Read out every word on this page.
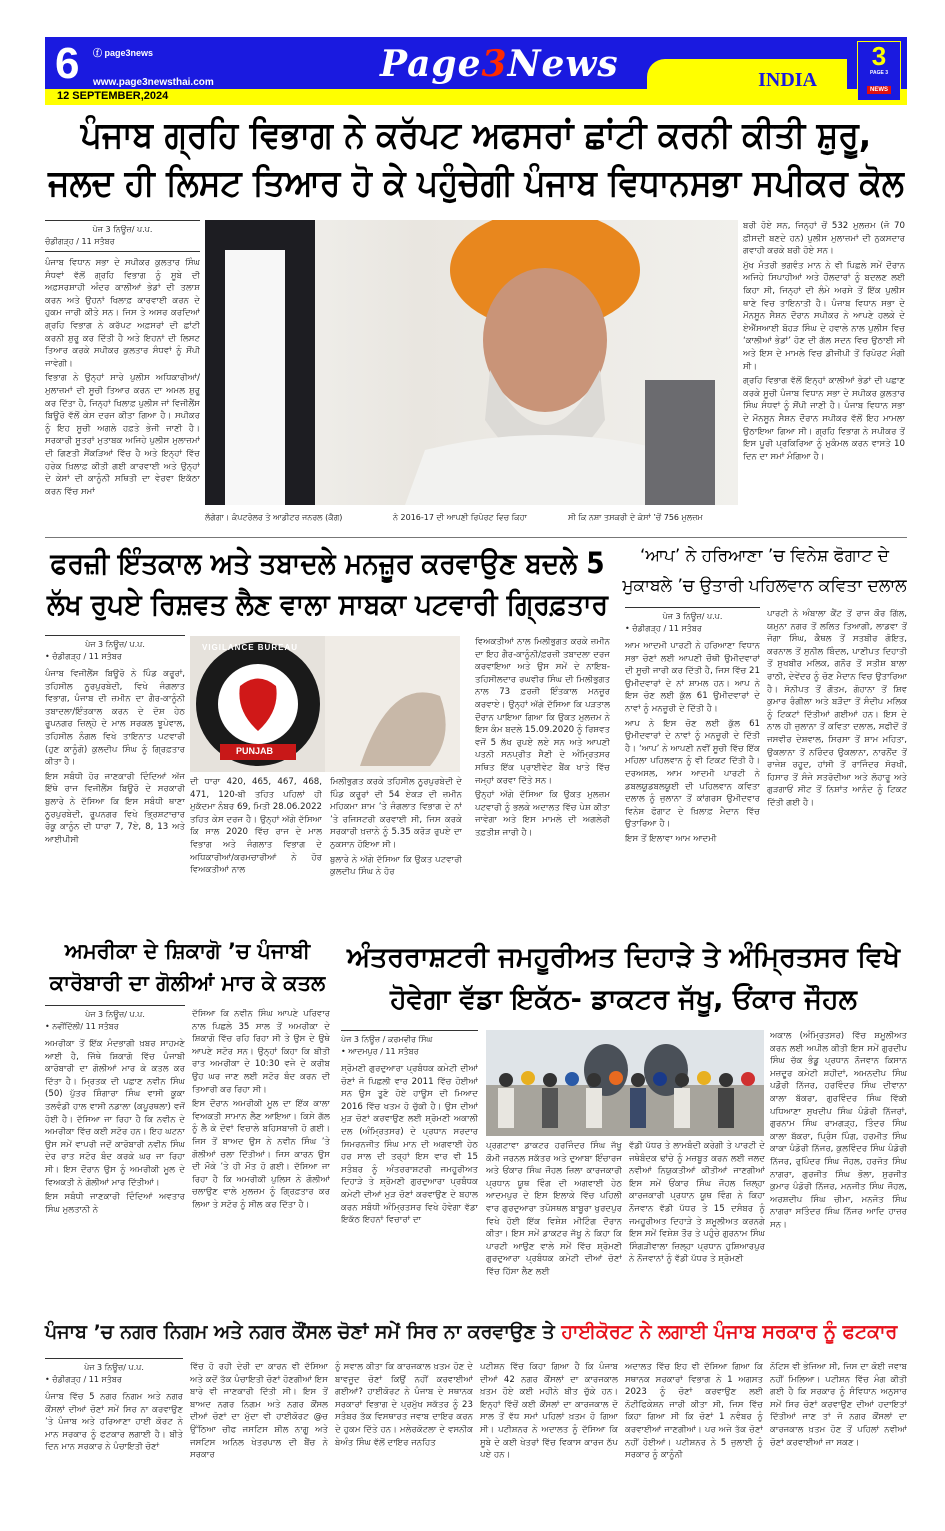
6 ⓕ page3news
www.page3newsthai.com
12 SEPTEMBER,2024
Page3News	INDIA
3
PAGE 3
NEWS
ਪੰਜਾਬ ਗ੍ਰਹਿ ਵਿਭਾਗ ਨੇ ਕਰੱਪਟ ਅਫਸਰਾਂ ਛਾਂਟੀ ਕਰਨੀ ਕੀਤੀ ਸ਼ੁਰੂ, ਜਲਦ ਹੀ ਲਿਸਟ ਤਿਆਰ ਹੋ ਕੇ ਪਹੁੰਚੇਗੀ ਪੰਜਾਬ ਵਿਧਾਨਸਭਾ ਸਪੀਕਰ ਕੋਲ
ਪੇਜ 3 ਨਿਊਜ਼/ ਪ.ਪ.
ਚੰਡੀਗੜ੍ਹ / 11 ਸਤੰਬਰ

ਪੰਜਾਬ ਵਿਧਾਨ ਸਭਾ ਦੇ ਸਪੀਕਰ ਕੁਲਤਾਰ ਸਿੰਘ ਸੰਧਵਾਂ ਵੱਲੋਂ ਗ੍ਰਹਿ ਵਿਭਾਗ ਨੂੰ ਸੂਬੇ ਦੀ ਅਫ਼ਸਰਸ਼ਾਹੀ ਅੰਦਰ ਕਾਲੀਆਂ ਭੇਡਾਂ ਦੀ ਤਲਾਸ਼ ਕਰਨ ਅਤੇ ਉਹਨਾਂ ਖਿਲਾਫ਼ ਕਾਰਵਾਈ ਕਰਨ ਦੇ ਹੁਕਮ ਜਾਰੀ ਕੀਤੇ ਸਨ। ਜਿਸ ਤੇ ਅਸਰ ਕਰਦਿਆਂ ਗ੍ਰਹਿ ਵਿਭਾਗ ਨੇ ਕਰੱਪਟ ਅਫ਼ਸਰਾਂ ਦੀ ਛਾਂਟੀ ਕਰਨੀ ਸ਼ੁਰੂ ਕਰ ਦਿੱਤੀ ਹੈ ਅਤੇ ਇਹਨਾਂ ਦੀ ਲਿਸਟ ਤਿਆਰ ਕਰਕੇ ਸਪੀਕਰ ਕੁਲਤਾਰ ਸੰਧਵਾਂ ਨੂੰ ਸੌਂਪੀ ਜਾਵੇਗੀ।

ਵਿਭਾਗ ਨੇ ਉਨ੍ਹਾਂ ਸਾਰੇ ਪੁਲੀਸ ਅਧਿਕਾਰੀਆਂ/ਮੁਲਾਜ਼ਮਾਂ ਦੀ ਸੂਚੀ ਤਿਆਰ ਕਰਨ ਦਾ ਅਮਲ ਸ਼ੁਰੂ ਕਰ ਦਿੱਤਾ ਹੈ, ਜਿਨ੍ਹਾਂ ਖਿਲਾਫ਼ ਪੁਲੀਸ ਜਾਂ ਵਿਜੀਲੈਂਸ ਬਿਊਰੋ ਵੱਲੋਂ ਕੇਸ ਦਰਜ ਕੀਤਾ ਗਿਆ ਹੈ। ਸਪੀਕਰ ਨੂੰ ਇਹ ਸੂਚੀ ਅਗਲੇ ਹਫ਼ਤੇ ਭੇਜੀ ਜਾਣੀ ਹੈ। ਸਰਕਾਰੀ ਸੂਤਰਾਂ ਮੁਤਾਬਕ ਅਜਿਹੇ ਪੁਲੀਸ ਮੁਲਾਜ਼ਮਾਂ ਦੀ ਗਿਣਤੀ ਸੈਂਕੜਿਆਂ ਵਿੱਚ ਹੈ ਅਤੇ ਇਨ੍ਹਾਂ ਵਿੱਚ ਹਰੇਕ ਖ਼ਿਲਾਫ਼ ਕੀਤੀ ਗਈ ਕਾਰਵਾਈ ਅਤੇ ਉਨ੍ਹਾਂ ਦੇ ਕੇਸਾਂ ਦੀ ਕਾਨੂੰਨੀ ਸਥਿਤੀ ਦਾ ਵੇਰਵਾ ਇਕੱਠਾ ਕਰਨ ਵਿੱਚ ਸਮਾਂ

ਲੱਗੇਗਾ। ਕੰਪਟਰੋਲਰ ਤੇ ਆਡੀਟਰ ਜਨਰਲ (ਕੈਗ)	ਨੇ 2016-17 ਦੀ ਆਪਣੀ ਰਿਪੋਰਟ ਵਿਚ ਕਿਹਾ	ਸੀ ਕਿ ਨਸ਼ਾ ਤਸਕਰੀ ਦੇ ਕੇਸਾਂ ’ਚੋਂ 756 ਮੁਲਜ਼ਮ

ਬਰੀ ਹੋਏ ਸਨ, ਜਿਨ੍ਹਾਂ ਚੋਂ 532 ਮੁਲਜ਼ਮ (ਜੋ 70 ਫ਼ੀਸਦੀ ਬਣਦੇ ਹਨ) ਪੁਲੀਸ ਮੁਲਾਜ਼ਮਾਂ ਦੀ ਨੁਕਸਦਾਰ ਗਵਾਹੀ ਕਰਕੇ ਬਰੀ ਹੋਏ ਸਨ।

ਮੁੱਖ ਮੰਤਰੀ ਭਗਵੰਤ ਮਾਨ ਨੇ ਵੀ ਪਿਛਲੇ ਸਮੇਂ ਦੌਰਾਨ ਅਜਿਹੇ ਸਿਪਾਹੀਆਂ ਅਤੇ ਹੌਲਦਾਰਾਂ ਨੂੰ ਬਦਲਣ ਲਈ ਕਿਹਾ ਸੀ, ਜਿਨ੍ਹਾਂ ਦੀ ਲੰਮੇ ਅਰਸੇ ਤੋਂ ਇੱਕ ਪੁਲੀਸ ਥਾਣੇ ਵਿਚ ਤਾਇਨਾਤੀ ਹੈ। ਪੰਜਾਬ ਵਿਧਾਨ ਸਭਾ ਦੇ ਮੌਨਸੂਨ ਸੈਸ਼ਨ ਦੌਰਾਨ ਸਪੀਕਰ ਨੇ ਆਪਣੇ ਹਲਕੇ ਦੇ ਏਐੱਸਆਈ ਬੋਹੜ ਸਿੰਘ ਦੇ ਹਵਾਲੇ ਨਾਲ ਪੁਲੀਸ ਵਿਚ ‘ਕਾਲੀਆਂ ਭੇਡਾਂ’ ਹੋਣ ਦੀ ਗੱਲ ਸਦਨ ਵਿਚ ਉਠਾਈ ਸੀ ਅਤੇ ਇਸ ਦੇ ਮਾਮਲੇ ਵਿਚ ਡੀਜੀਪੀ ਤੋਂ ਰਿਪੋਰਟ ਮੰਗੀ ਸੀ।

ਗ੍ਰਹਿ ਵਿਭਾਗ ਵੱਲੋਂ ਇਨ੍ਹਾਂ ਕਾਲੀਆਂ ਭੇਡਾਂ ਦੀ ਪਛਾਣ ਕਰਕੇ ਸੂਚੀ ਪੰਜਾਬ ਵਿਧਾਨ ਸਭਾ ਦੇ ਸਪੀਕਰ ਕੁਲਤਾਰ ਸਿੰਘ ਸੰਧਵਾਂ ਨੂੰ ਸੌਂਪੀ ਜਾਣੀ ਹੈ। ਪੰਜਾਬ ਵਿਧਾਨ ਸਭਾ ਦੇ ਮੌਨਸੂਨ ਸੈਸ਼ਨ ਦੌਰਾਨ ਸਪੀਕਰ ਵੱਲੋਂ ਇਹ ਮਾਮਲਾ ਉਠਾਇਆ ਗਿਆ ਸੀ। ਗ੍ਰਹਿ ਵਿਭਾਗ ਨੇ ਸਪੀਕਰ ਤੋਂ ਇਸ ਪੂਰੀ ਪ੍ਰਕਿਰਿਆ ਨੂੰ ਮੁਕੰਮਲ ਕਰਨ ਵਾਸਤੇ 10 ਦਿਨ ਦਾ ਸਮਾਂ ਮੰਗਿਆ ਹੈ।

ਫਰਜ਼ੀ ਇੰਤਕਾਲ ਅਤੇ ਤਬਾਦਲੇ ਮਨਜ਼ੂਰ ਕਰਵਾਉਣ ਬਦਲੇ 5 ਲੱਖ ਰੁਪਏ ਰਿਸ਼ਵਤ ਲੈਣ ਵਾਲਾ ਸਾਬਕਾ ਪਟਵਾਰੀ ਗ੍ਰਿਫ਼ਤਾਰ
ਪੇਜ 3 ਨਿਊਜ਼/ ਪ.ਪ.
• ਚੰਡੀਗੜ੍ਹ / 11 ਸਤੰਬਰ

ਪੰਜਾਬ ਵਿਜੀਲੈਂਸ ਬਿਊਰੋ ਨੇ ਪਿੰਡ ਕਰੂਰਾਂ, ਤਹਿਸੀਲ ਨੂਰਪੁਰਬੇਦੀ, ਵਿਖੇ ਜੰਗਲਾਤ ਵਿਭਾਗ, ਪੰਜਾਬ ਦੀ ਜ਼ਮੀਨ ਦਾ ਗੈਰ-ਕਾਨੂੰਨੀ ਤਬਾਦਲਾ/ਇੰਤਕਾਲ ਕਰਨ ਦੇ ਦੋਸ਼ ਹੇਠ ਰੂਪਨਗਰ ਜ਼ਿਲ੍ਹੇ ਦੇ ਮਾਲ ਸਰਕਲ ਝੂਪੇਵਾਲ, ਤਹਿਸੀਲ ਨੰਗਲ ਵਿਖੇ ਤਾਇਨਾਤ ਪਟਵਾਰੀ (ਹੁਣ ਕਾਨੂੰਗੋ) ਕੁਲਦੀਪ ਸਿੰਘ ਨੂੰ ਗ੍ਰਿਫ਼ਤਾਰ ਕੀਤਾ ਹੈ।

ਇਸ ਸਬੰਧੀ ਹੋਰ ਜਾਣਕਾਰੀ ਦਿੰਦਿਆਂ ਅੱਜ ਇੱਥੇ ਰਾਜ ਵਿਜੀਲੈਂਸ ਬਿਊਰੋ ਦੇ ਸਰਕਾਰੀ ਬੁਲਾਰੇ ਨੇ ਦੱਸਿਆ ਕਿ ਇਸ ਸਬੰਧੀ ਥਾਣਾ ਨੂਰਪੁਰਬੇਦੀ, ਰੂਪਨਗਰ ਵਿਖੇ ਭ੍ਰਿਸ਼ਟਾਚਾਰ ਰੋਕੂ ਕਾਨੂੰਨ ਦੀ ਧਾਰਾ 7, 7ਏ, 8, 13 ਅਤੇ ਆਈਪੀਸੀ

VIGILANCE BUREAU
PUNJAB

ਦੀ ਧਾਰਾ 420, 465, 467, 468, 471, 120-ਬੀ ਤਹਿਤ ਪਹਿਲਾਂ ਹੀ ਮੁਕੱਦਮਾ ਨੰਬਰ 69, ਮਿਤੀ 28.06.2022 ਤਹਿਤ ਕੇਸ ਦਰਜ ਹੈ। ਉਨ੍ਹਾਂ ਅੱਗੇ ਦੱਸਿਆ ਕਿ ਸਾਲ 2020 ਵਿੱਚ ਰਾਜ ਦੇ ਮਾਲ ਵਿਭਾਗ ਅਤੇ ਜੰਗਲਾਤ ਵਿਭਾਗ ਦੇ ਅਧਿਕਾਰੀਆਂ/ਕਰਮਚਾਰੀਆਂ ਨੇ ਹੋਰ ਵਿਅਕਤੀਆਂ ਨਾਲ

ਮਿਲੀਭੁਗਤ ਕਰਕੇ ਤਹਿਸੀਲ ਨੂਰਪੁਰਬੇਦੀ ਦੇ ਪਿੰਡ ਕਰੂਰਾਂ ਦੀ 54 ਏਕੜ ਦੀ ਜ਼ਮੀਨ ਮਹਿਕਮਾ ਸ਼ਾਮ ’ਤੇ ਜੰਗਲਾਤ ਵਿਭਾਗ ਦੇ ਨਾਂ ’ਤੇ ਰਜਿਸਟਰੀ ਕਰਵਾਈ ਸੀ, ਜਿਸ ਕਰਕੇ ਸਰਕਾਰੀ ਖ਼ਜ਼ਾਨੇ ਨੂੰ 5.35 ਕਰੋੜ ਰੁਪਏ ਦਾ ਨੁਕਸਾਨ ਹੋਇਆ ਸੀ।

ਬੁਲਾਰੇ ਨੇ ਅੱਗੇ ਦੱਸਿਆ ਕਿ ਉਕਤ ਪਟਵਾਰੀ ਕੁਲਦੀਪ ਸਿੰਘ ਨੇ ਹੋਰ

ਵਿਅਕਤੀਆਂ ਨਾਲ ਮਿਲੀਭੁਗਤ ਕਰਕੇ ਜ਼ਮੀਨ ਦਾ ਇਹ ਗੈਰ-ਕਾਨੂੰਨੀ/ਫ਼ਰਜ਼ੀ ਤਬਾਦਲਾ ਦਰਜ ਕਰਵਾਇਆ ਅਤੇ ਉਸ ਸਮੇਂ ਦੇ ਨਾਇਬ-ਤਹਿਸੀਲਦਾਰ ਰਘਵੀਰ ਸਿੰਘ ਦੀ ਮਿਲੀਭੁਗਤ ਨਾਲ 73 ਫ਼ਰਜ਼ੀ ਇੰਤਕਾਲ ਮਨਜ਼ੂਰ ਕਰਵਾਏ। ਉਨ੍ਹਾਂ ਅੱਗੇ ਦੱਸਿਆ ਕਿ ਪੜਤਾਲ ਦੌਰਾਨ ਪਾਇਆ ਗਿਆ ਕਿ ਉਕਤ ਮੁਲਜ਼ਮ ਨੇ ਇਸ ਕੰਮ ਬਦਲੇ 15.09.2020 ਨੂੰ ਰਿਸ਼ਵਤ ਵਜੋਂ 5 ਲੱਖ ਰੁਪਏ ਲਏ ਸਨ ਅਤੇ ਆਪਣੀ ਪਤਨੀ ਸਨਪ੍ਰੀਤ ਸੈਣੀ ਦੇ ਅੰਮ੍ਰਿਤਸਰ ਸਥਿਤ ਇੱਕ ਪ੍ਰਾਈਵੇਟ ਬੈਂਕ ਖਾਤੇ ਵਿੱਚ ਜਮ੍ਹਾਂ ਕਰਵਾ ਦਿੱਤੇ ਸਨ।

ਉਨ੍ਹਾਂ ਅੱਗੇ ਦੱਸਿਆ ਕਿ ਉਕਤ ਮੁਲਜ਼ਮ ਪਟਵਾਰੀ ਨੂੰ ਭਲਕੇ ਅਦਾਲਤ ਵਿੱਚ ਪੇਸ਼ ਕੀਤਾ ਜਾਵੇਗਾ ਅਤੇ ਇਸ ਮਾਮਲੇ ਦੀ ਅਗਲੇਰੀ ਤਫ਼ਤੀਸ਼ ਜਾਰੀ ਹੈ।

‘ਆਪ’ ਨੇ ਹਰਿਆਣਾ ’ਚ ਵਿਨੇਸ਼ ਫੋਗਾਟ ਦੇ ਮੁਕਾਬਲੇ ’ਚ ਉਤਾਰੀ ਪਹਿਲਵਾਨ ਕਵਿਤਾ ਦਲਾਲ
ਪੇਜ 3 ਨਿਊਜ਼/ ਪ.ਪ.
• ਚੰਡੀਗੜ੍ਹ / 11 ਸਤੰਬਰ

ਆਮ ਆਦਮੀ ਪਾਰਟੀ ਨੇ ਹਰਿਆਣਾ ਵਿਧਾਨ ਸਭਾ ਚੋਣਾਂ ਲਈ ਆਪਣੀ ਚੌਥੀ ਉਮੀਦਵਾਰਾਂ ਦੀ ਸੂਚੀ ਜਾਰੀ ਕਰ ਦਿੱਤੀ ਹੈ, ਜਿਸ ਵਿੱਚ 21 ਉਮੀਦਵਾਰਾਂ ਦੇ ਨਾਂ ਸ਼ਾਮਲ ਹਨ। ਆਪ ਨੇ ਇਸ ਚੋਣ ਲਈ ਕੁੱਲ 61 ਉਮੀਦਵਾਰਾਂ ਦੇ ਨਾਵਾਂ ਨੂੰ ਮਨਜ਼ੂਰੀ ਦੇ ਦਿੱਤੀ ਹੈ।

ਆਪ ਨੇ ਇਸ ਚੋਣ ਲਈ ਕੁੱਲ 61 ਉਮੀਦਵਾਰਾਂ ਦੇ ਨਾਵਾਂ ਨੂੰ ਮਨਜ਼ੂਰੀ ਦੇ ਦਿੱਤੀ ਹੈ। ‘ਆਪ’ ਨੇ ਆਪਣੀ ਨਵੀਂ ਸੂਚੀ ਵਿੱਚ ਇੱਕ ਮਹਿਲਾ ਪਹਿਲਵਾਨ ਨੂੰ ਵੀ ਟਿਕਟ ਦਿੱਤੀ ਹੈ। ਦਰਅਸਲ, ਆਮ ਆਦਮੀ ਪਾਰਟੀ ਨੇ ਡਬਲਯੂਡਬਲਯੂਈ ਦੀ ਪਹਿਲਵਾਨ ਕਵਿਤਾ ਦਲਾਲ ਨੂੰ ਜੁਲਾਨਾ ਤੋਂ ਕਾਂਗਰਸ ਉਮੀਦਵਾਰ ਵਿਨੇਸ਼ ਫੋਗਾਟ ਦੇ ਖ਼ਿਲਾਫ਼ ਮੈਦਾਨ ਵਿੱਚ ਉਤਾਰਿਆ ਹੈ।

ਇਸ ਤੋਂ ਇਲਾਵਾ ਆਮ ਆਦਮੀ

ਪਾਰਟੀ ਨੇ ਅੰਬਾਲਾ ਕੈਂਟ ਤੋਂ ਰਾਜ ਕੌਰ ਗਿੱਲ, ਯਮੁਨਾ ਨਗਰ ਤੋਂ ਲਲਿਤ ਤਿਆਗੀ, ਲਾਡਵਾ ਤੋਂ ਜੋਗਾ ਸਿੰਘ, ਕੈਥਲ ਤੋਂ ਸਤਬੀਰ ਗੋਇਤ, ਕਰਨਾਲ ਤੋਂ ਸੁਨੀਲ ਬਿੰਦਲ, ਪਾਣੀਪਤ ਦਿਹਾਤੀ ਤੋਂ ਸੁਖਬੀਰ ਮਲਿਕ, ਗਨੌਰ ਤੋਂ ਸਤੀਸ਼ ਬਾਲਾ ਰਾਠੀ, ਦੇਵੇਂਦਰ ਨੂੰ ਚੋਣ ਮੈਦਾਨ ਵਿਚ ਉਤਾਰਿਆ ਹੈ। ਸੋਨੀਪਤ ਤੋਂ ਗੌਤਮ, ਗੋਹਾਨਾ ਤੋਂ ਸ਼ਿਵ ਕੁਮਾਰ ਰੰਗੀਲਾ ਅਤੇ ਬੜੌਦਾ ਤੋਂ ਸੰਦੀਪ ਮਲਿਕ ਨੂੰ ਟਿਕਟਾਂ ਦਿੱਤੀਆਂ ਗਈਆਂ ਹਨ। ਇਸ ਦੇ ਨਾਲ ਹੀ ਜੁਲਾਨਾ ਤੋਂ ਕਵਿਤਾ ਦਲਾਲ, ਸਫੀਦੋਂ ਤੋਂ ਜਸਵੀਰ ਦੇਸ਼ਵਾਲ, ਸਿਰਸਾ ਤੋਂ ਸ਼ਾਮ ਮਹਿਤਾ, ਉਕਲਾਨਾ ਤੋਂ ਨਰਿੰਦਰ ਉਕਲਾਨਾ, ਨਾਰਨੌਂਦ ਤੋਂ ਰਾਜੇਸ਼ ਰਹੂਦ, ਹਾਂਸੀ ਤੋਂ ਰਾਜਿੰਦਰ ਸੋਰਖੀ, ਹਿਸਾਰ ਤੋਂ ਸੰਜੇ ਸਤਰੋਦੀਆ ਅਤੇ ਲੋਹਾਰੂ ਅਤੇ ਗੁੜਗਾਓਂ ਸੀਟ ਤੋਂ ਨਿਸ਼ਾਂਤ ਆਨੰਦ ਨੂੰ ਟਿਕਟ ਦਿੱਤੀ ਗਈ ਹੈ।

ਅਮਰੀਕਾ ਦੇ ਸ਼ਿਕਾਗੋ ’ਚ ਪੰਜਾਬੀ ਕਾਰੋਬਾਰੀ ਦਾ ਗੋਲੀਆਂ ਮਾਰ ਕੇ ਕਤਲ
ਪੇਜ 3 ਨਿਊਜ਼/ ਪ.ਪ.
• ਨਵੀਂਦਿੱਲੀ/ 11 ਸਤੰਬਰ

ਅਮਰੀਕਾ ਤੋਂ ਇੱਕ ਮੰਦਭਾਗੀ ਖ਼ਬਰ ਸਾਹਮਣੇ ਆਈ ਹੈ, ਜਿੱਥੇ ਸ਼ਿਕਾਗੋ ਵਿੱਚ ਪੰਜਾਬੀ ਕਾਰੋਬਾਰੀ ਦਾ ਗੋਲੀਆਂ ਮਾਰ ਕੇ ਕਤਲ ਕਰ ਦਿੱਤਾ ਹੈ। ਮ੍ਰਿਤਕ ਦੀ ਪਛਾਣ ਨਵੀਨ ਸਿੰਘ (50) ਪੁੱਤਰ ਸ਼ਿੰਗਾਰਾ ਸਿੰਘ ਵਾਸੀ ਕੂਕਾ ਤਲਵੰਡੀ ਹਾਲ ਵਾਸੀ ਨਡਾਲਾ (ਕਪੂਰਥਲਾ) ਵਜੋਂ ਹੋਈ ਹੈ। ਦੱਸਿਆ ਜਾ ਰਿਹਾ ਹੈ ਕਿ ਨਵੀਨ ਦੇ ਅਮਰੀਕਾ ਵਿੱਚ ਕਈ ਸਟੋਰ ਹਨ। ਇਹ ਘਟਨਾ ਉਸ ਸਮੇਂ ਵਾਪਰੀ ਜਦੋਂ ਕਾਰੋਬਾਰੀ ਨਵੀਨ ਸਿੰਘ ਦੇਰ ਰਾਤ ਸਟੋਰ ਬੰਦ ਕਰਕੇ ਘਰ ਜਾ ਰਿਹਾ ਸੀ। ਇਸ ਦੌਰਾਨ ਉਸ ਨੂੰ ਅਮਰੀਕੀ ਮੂਲ ਦੇ ਵਿਅਕਤੀ ਨੇ ਗੋਲੀਆਂ ਮਾਰ ਦਿੱਤੀਆਂ।

ਇਸ ਸਬੰਧੀ ਜਾਣਕਾਰੀ ਦਿੰਦਿਆਂ ਅਵਤਾਰ ਸਿੰਘ ਮੁਲਤਾਨੀ ਨੇ

ਦੱਸਿਆ ਕਿ ਨਵੀਨ ਸਿੰਘ ਆਪਣੇ ਪਰਿਵਾਰ ਨਾਲ ਪਿਛਲੇ 35 ਸਾਲ ਤੋਂ ਅਮਰੀਕਾ ਦੇ ਸ਼ਿਕਾਗੋ ਵਿੱਚ ਰਹਿ ਰਿਹਾ ਸੀ ਤੇ ਉਸ ਦੇ ਉਥੇ ਆਪਣੇ ਸਟੋਰ ਸਨ। ਉਨ੍ਹਾਂ ਕਿਹਾ ਕਿ ਬੀਤੀ ਰਾਤ ਅਮਰੀਕਾ ਦੇ 10:30 ਵਜੇ ਦੇ ਕਰੀਬ ਉਹ ਘਰ ਜਾਣ ਲਈ ਸਟੋਰ ਬੰਦ ਕਰਨ ਦੀ ਤਿਆਰੀ ਕਰ ਰਿਹਾ ਸੀ।

ਇਸ ਦੌਰਾਨ ਅਮਰੀਕੀ ਮੂਲ ਦਾ ਇੱਕ ਕਾਲਾ ਵਿਅਕਤੀ ਸਾਮਾਨ ਲੈਣ ਆਇਆ। ਕਿਸੇ ਗੱਲ ਨੂੰ ਲੈ ਕੇ ਦੋਵਾਂ ਵਿਚਾਲੇ ਬਹਿਸਬਾਜ਼ੀ ਹੋ ਗਈ। ਜਿਸ ਤੋਂ ਬਾਅਦ ਉਸ ਨੇ ਨਵੀਨ ਸਿੰਘ ’ਤੇ ਗੋਲੀਆਂ ਚਲਾ ਦਿੱਤੀਆਂ। ਜਿਸ ਕਾਰਨ ਉਸ ਦੀ ਮੌਕੇ ’ਤੇ ਹੀ ਮੌਤ ਹੋ ਗਈ। ਦੱਸਿਆ ਜਾ ਰਿਹਾ ਹੈ ਕਿ ਅਮਰੀਕੀ ਪੁਲਿਸ ਨੇ ਗੋਲੀਆਂ ਚਲਾਉਣ ਵਾਲੇ ਮੁਲਜ਼ਮ ਨੂੰ ਗ੍ਰਿਫ਼ਤਾਰ ਕਰ ਲਿਆ ਤੇ ਸਟੋਰ ਨੂੰ ਸੀਲ ਕਰ ਦਿੱਤਾ ਹੈ।

ਅੰਤਰਰਾਸ਼ਟਰੀ ਜਮਹੂਰੀਅਤ ਦਿਹਾੜੇ ਤੇ ਅੰਮ੍ਰਿਤਸਰ ਵਿਖੇ ਹੋਵੇਗਾ ਵੱਡਾ ਇਕੱਠ- ਡਾਕਟਰ ਜੱਖੂ, ਓਂਕਾਰ ਜੌਹਲ
ਪੇਜ 3 ਨਿਊਜ਼ / ਕਰਮਵੀਰ ਸਿੰਘ
• ਆਦਮਪੁਰ / 11 ਸਤੰਬਰ

ਸ਼੍ਰੋਮਣੀ ਗੁਰਦੁਆਰਾ ਪ੍ਰਬੰਧਕ ਕਮੇਟੀ ਦੀਆਂ ਚੋਣਾਂ ਜੋ ਪਿਛਲੀ ਵਾਰ 2011 ਵਿੱਚ ਹੋਈਆਂ ਸਨ ਉਸ ਤੂਣੋ ਹੋਏ ਹਾਊਸ ਦੀ ਮਿਆਦ 2016 ਵਿੱਚ ਖਤਮ ਹੋ ਚੁੱਕੀ ਹੈ। ਉਸ ਦੀਆਂ ਮੁੜ ਚੋਣਾਂ ਕਰਵਾਉਣ ਲਈ ਸ਼੍ਰੋਮਣੀ ਅਕਾਲੀ ਦਲ (ਅੰਮ੍ਰਿਤਸਰ) ਦੇ ਪ੍ਰਧਾਨ ਸਰਦਾਰ ਸਿਮਰਨਜੀਤ ਸਿੰਘ ਮਾਨ ਦੀ ਅਗਵਾਈ ਹੇਠ ਹਰ ਸਾਲ ਦੀ ਤਰ੍ਹਾਂ ਇਸ ਵਾਰ ਵੀ 15 ਸਤੰਬਰ ਨੂੰ ਅੰਤਰਰਾਸ਼ਟਰੀ ਜਮਹੂਰੀਅਤ ਦਿਹਾੜੇ ਤੇ ਸ਼੍ਰੋਮਣੀ ਗੁਰਦੁਆਰਾ ਪ੍ਰਬੰਧਕ ਕਮੇਟੀ ਦੀਆਂ ਮੁੜ ਚੋਣਾਂ ਕਰਵਾਉਣ ਦੇ ਬਹਾਲ ਕਰਨ ਸਬੰਧੀ ਅੰਮ੍ਰਿਤਸਰ ਵਿਖੇ ਹੋਵੇਗਾ ਵੱਡਾ ਇਕੱਠ ਇਹਨਾਂ ਵਿਚਾਰਾਂ ਦਾ

ਪ੍ਰਗਟਾਵਾ ਡਾਕਟਰ ਹਰਜਿੰਦਰ ਸਿੰਘ ਜੱਖੂ ਕੌਮੀ ਜਰਨਲ ਸਕੱਤਰ ਅਤੇ ਦੁਆਬਾ ਇੰਚਾਰਜ ਅਤੇ ਓਂਕਾਰ ਸਿੰਘ ਜੌਹਲ ਜ਼ਿਲਾ ਕਾਰਜਕਾਰੀ ਪ੍ਰਧਾਨ ਯੂਥ ਵਿੰਗ ਦੀ ਅਗਵਾਈ ਹੇਠ ਆਦਮਪੁਰ ਦੇ ਇਸ ਇਲਾਕੇ ਵਿੱਚ ਪਹਿਲੀ ਵਾਰ ਗੁਰਦੁਆਰਾ ਤਪੋਸਥਲ ਬਾਬੂਰਾ ਖੁਰਦਪੁਰ ਵਿਖੇ ਹੋਈ ਇੱਕ ਵਿਸ਼ੇਸ਼ ਮੀਟਿੰਗ ਦੌਰਾਨ ਕੀਤਾ। ਇਸ ਸਮੇਂ ਡਾਕਟਰ ਜੱਖੂ ਨੇ ਕਿਹਾ ਕਿ ਪਾਰਟੀ ਆਉਣ ਵਾਲੇ ਸਮੇਂ ਵਿੱਚ ਸ਼੍ਰੋਮਣੀ ਗੁਰਦੁਆਰਾ ਪ੍ਰਬੰਧਕ ਕਮੇਟੀ ਦੀਆਂ ਚੋਣਾਂ ਵਿੱਚ ਹਿੱਸਾ ਲੈਣ ਲਈ

ਵੱਡੀ ਪੱਧਰ ਤੇ ਲਾਮਬੰਦੀ ਕਰੇਗੀ ਤੇ ਪਾਰਟੀ ਦੇ ਜਥੇਬੰਦਕ ਢਾਂਚੇ ਨੂੰ ਮਜ਼ਬੂਤ ਕਰਨ ਲਈ ਜਲਦ ਨਵੀਆਂ ਨਿਯੁਕਤੀਆਂ ਕੀਤੀਆਂ ਜਾਣਗੀਆਂ ਇਸ ਸਮੇਂ ਓਂਕਾਰ ਸਿੰਘ ਜੌਹਲ ਜ਼ਿਲ੍ਹਾ ਕਾਰਜਕਾਰੀ ਪ੍ਰਧਾਨ ਯੂਥ ਵਿੰਗ ਨੇ ਕਿਹਾ ਨੌਜਵਾਨ ਵੱਡੀ ਪੱਧਰ ਤੇ 15 ਦਸੰਬਰ ਨੂੰ ਜਮਹੂਰੀਅਤ ਦਿਹਾੜੇ ਤੇ ਸ਼ਮੂਲੀਅਤ ਕਰਨਗੇ ਇਸ ਸਮੇਂ ਵਿਸ਼ੇਸ਼ ਤੌਰ ਤੇ ਪਹੁੰਚੇ ਗੁਰਨਾਮ ਸਿੰਘ ਸਿੰਗੜੀਵਾਲਾ ਜ਼ਿਲ੍ਹਾ ਪ੍ਰਧਾਨ ਹੁਸ਼ਿਆਰਪੁਰ ਨੇ ਨੌਜਵਾਨਾਂ ਨੂੰ ਵੱਡੀ ਪੱਧਰ ਤੇ ਸ਼੍ਰੋਮਣੀ

ਅਕਾਲ (ਅੰਮ੍ਰਿਤਸਰ) ਵਿੱਚ ਸ਼ਮੂਲੀਅਤ ਕਰਨ ਲਈ ਅਪੀਲ ਕੀਤੀ ਇਸ ਸਮੇਂ ਗੁਰਦੀਪ ਸਿੰਘ ਚੱਕ ਭੰਡੂ ਪ੍ਰਧਾਨ ਨੌਜਵਾਨ ਕਿਸਾਨ ਮਜ਼ਦੂਰ ਕਮੇਟੀ ਸ਼ਹੀਦਾਂ, ਅਮਨਦੀਪ ਸਿੰਘ ਪਡ਼ੌਰੀ ਨਿੱਜਰ, ਹਰਵਿੰਦਰ ਸਿੰਘ ਦੀਵਾਨਾ ਕਾਲਾ ਬੱਕਰਾ, ਗੁਰਵਿੰਦਰ ਸਿੰਘ ਵਿੱਕੀ ਪਧਿਆਣਾ ਸੁਖਦੀਪ ਸਿੰਘ ਪੰਡੋਰੀ ਨਿੱਜਰਾਂ, ਗੁਰਨਾਮ ਸਿੰਘ ਰਾਮਗੜ੍ਹ, ਤਿੰਦਰ ਸਿੰਘ ਕਾਲਾ ਬੱਕਰਾ, ਪ੍ਰਿੰਸ ਪਿੰਗ, ਹਰਮੀਤ ਸਿੰਘ ਕਾਕਾ ਪੰਡੋਰੀ ਨਿੱਜਰ, ਕੁਲਵਿੰਦਰ ਸਿੰਘ ਪੰਡੋਰੀ ਨਿੱਜਰ, ਰੁਪਿੰਦਰ ਸਿੰਘ ਜੌਹਲ, ਹਰਜੋਤ ਸਿੰਘ ਨਾਗਰਾ, ਗੁਰਜੀਤ ਸਿੰਘ ਭੋਲਾ, ਸੁਰਜੀਤ ਕੁਮਾਰ ਪੰਡੋਰੀ ਨਿੱਜਰ, ਮਨਜੀਤ ਸਿੰਘ ਜੌਹਲ, ਅਰਸ਼ਦੀਪ ਸਿੰਘ ਚੀਮਾ, ਮਨਜੋਤ ਸਿੰਘ ਨਾਗਰਾ ਸਤਿੰਦਰ ਸਿੰਘ ਨਿੱਜਰ ਆਦਿ ਹਾਜ਼ਰ ਸਨ।

ਪੰਜਾਬ ’ਚ ਨਗਰ ਨਿਗਮ ਅਤੇ ਨਗਰ ਕੌਂਸਲ ਚੋਣਾਂ ਸਮੇਂ ਸਿਰ ਨਾ ਕਰਵਾਉਣ ਤੇ ਹਾਈਕੋਰਟ ਨੇ ਲਗਾਈ ਪੰਜਾਬ ਸਰਕਾਰ ਨੂੰ ਫਟਕਾਰ
ਪੇਜ 3 ਨਿਊਜ਼/ ਪ.ਪ.
• ਚੰਡੀਗੜ੍ਹ / 11 ਸਤੰਬਰ
ਪੰਜਾਬ ਵਿੱਚ 5 ਨਗਰ ਨਿਗਮ ਅਤੇ ਨਗਰ ਕੌਂਸਲਾਂ ਦੀਆਂ ਚੋਣਾਂ ਸਮੇਂ ਸਿਰ ਨਾ ਕਰਵਾਉਣ ’ਤੇ ਪੰਜਾਬ ਅਤੇ ਹਰਿਆਣਾ ਹਾਈ ਕੋਰਟ ਨੇ ਮਾਨ ਸਰਕਾਰ ਨੂੰ ਫਟਕਾਰ ਲਗਾਈ ਹੈ। ਬੀਤੇ ਦਿਨ ਮਾਨ ਸਰਕਾਰ ਨੇ ਪੰਚਾਇਤੀ ਚੋਣਾਂ
ਵਿੱਚ ਹੋ ਰਹੀ ਦੇਰੀ ਦਾ ਕਾਰਨ ਵੀ ਦੱਸਿਆ ਅਤੇ ਕਦੋਂ ਤੱਕ ਪੰਚਾਇਤੀ ਚੋਣਾਂ ਹੋਣਗੀਆਂ ਇਸ ਬਾਰੇ ਵੀ ਜਾਣਕਾਰੀ ਦਿੱਤੀ ਸੀ। ਇਸ ਤੋਂ ਬਾਅਦ ਨਗਰ ਨਿਗਮ ਅਤੇ ਨਗਰ ਕੌਂਸਲ ਦੀਆਂ ਚੋਣਾਂ ਦਾ ਮੁੱਦਾ ਵੀ ਹਾਈਕੋਰਟ @ਚ ਉੱਠਿਆ ਚੀਫ ਜਸਟਿਸ ਸ਼ੀਲ ਨਾਗੂ ਅਤੇ ਜਸਟਿਸ ਅਨਿਲ ਖੇਤਰਪਾਲ ਦੀ ਬੈਂਚ ਨੇ ਸਰਕਾਰ
ਨੂੰ ਸਵਾਲ ਕੀਤਾ ਕਿ ਕਾਰਜਕਾਲ ਖ਼ਤਮ ਹੋਣ ਦੇ ਬਾਵਜੂਦ ਚੋਣਾਂ ਕਿਉਂ ਨਹੀਂ ਕਰਵਾਈਆਂ ਗਈਆਂ? ਹਾਈਕੋਰਟ ਨੇ ਪੰਜਾਬ ਦੇ ਸਥਾਨਕ ਸਰਕਾਰਾਂ ਵਿਭਾਗ ਦੇ ਪ੍ਰਮੁੱਖ ਸਕੱਤਰ ਨੂੰ 23 ਸਤੰਬਰ ਤੱਕ ਵਿਸਥਾਰਤ ਜਵਾਬ ਦਾਇਰ ਕਰਨ ਦੇ ਹੁਕਮ ਦਿੱਤੇ ਹਨ। ਮਲੇਰਕੋਟਲਾ ਦੇ ਵਸਨੀਕ ਬੇਅੰਤ ਸਿੰਘ ਵੱਲੋਂ ਦਾਇਰ ਜਨਹਿਤ
ਪਟੀਸ਼ਨ ਵਿੱਚ ਕਿਹਾ ਗਿਆ ਹੈ ਕਿ ਪੰਜਾਬ ਦੀਆਂ 42 ਨਗਰ ਕੌਂਸਲਾਂ ਦਾ ਕਾਰਜਕਾਲ ਖ਼ਤਮ ਹੋਏ ਕਈ ਮਹੀਨੇ ਬੀਤ ਚੁੱਕੇ ਹਨ। ਇਨ੍ਹਾਂ ਵਿੱਚੋਂ ਕਈ ਕੌਂਸਲਾਂ ਦਾ ਕਾਰਜਕਾਲ ਦੋ ਸਾਲ ਤੋਂ ਵੱਧ ਸਮਾਂ ਪਹਿਲਾਂ ਖ਼ਤਮ ਹੋ ਗਿਆ ਸੀ। ਪਟੀਸ਼ਨਰ ਨੇ ਅਦਾਲਤ ਨੂੰ ਦੱਸਿਆ ਕਿ ਸੂਬੇ ਦੇ ਕਈ ਖੇਤਰਾਂ ਵਿੱਚ ਵਿਕਾਸ ਕਾਰਜ ਠੱਪ ਪਏ ਹਨ।
ਅਦਾਲਤ ਵਿੱਚ ਇਹ ਵੀ ਦੱਸਿਆ ਗਿਆ ਕਿ ਸਥਾਨਕ ਸਰਕਾਰਾਂ ਵਿਭਾਗ ਨੇ 1 ਅਗਸਤ 2023 ਨੂੰ ਚੋਣਾਂ ਕਰਵਾਉਣ ਲਈ ਨੋਟੀਫਿਕੇਸ਼ਨ ਜਾਰੀ ਕੀਤਾ ਸੀ, ਜਿਸ ਵਿੱਚ ਕਿਹਾ ਗਿਆ ਸੀ ਕਿ ਚੋਣਾਂ 1 ਨਵੰਬਰ ਨੂੰ ਕਰਵਾਈਆਂ ਜਾਣਗੀਆਂ। ਪਰ ਅਜੇ ਤੱਕ ਚੋਣਾਂ ਨਹੀਂ ਹੋਈਆਂ। ਪਟੀਸ਼ਨਰ ਨੇ 5 ਜੁਲਾਈ ਨੂੰ ਸਰਕਾਰ ਨੂੰ ਕਾਨੂੰਨੀ
ਨੋਟਿਸ ਵੀ ਭੇਜਿਆ ਸੀ, ਜਿਸ ਦਾ ਕੋਈ ਜਵਾਬ ਨਹੀਂ ਮਿਲਿਆ। ਪਟੀਸ਼ਨ ਵਿੱਚ ਮੰਗ ਕੀਤੀ ਗਈ ਹੈ ਕਿ ਸਰਕਾਰ ਨੂੰ ਸੰਵਿਧਾਨ ਅਨੁਸਾਰ ਸਮੇਂ ਸਿਰ ਚੋਣਾਂ ਕਰਵਾਉਣ ਦੀਆਂ ਹਦਾਇਤਾਂ ਦਿੱਤੀਆਂ ਜਾਣ ਤਾਂ ਜੋ ਨਗਰ ਕੌਂਸਲਾਂ ਦਾ ਕਾਰਜਕਾਲ ਖ਼ਤਮ ਹੋਣ ਤੋਂ ਪਹਿਲਾਂ ਨਵੀਆਂ ਚੋਣਾਂ ਕਰਵਾਈਆਂ ਜਾ ਸਕਣ।
